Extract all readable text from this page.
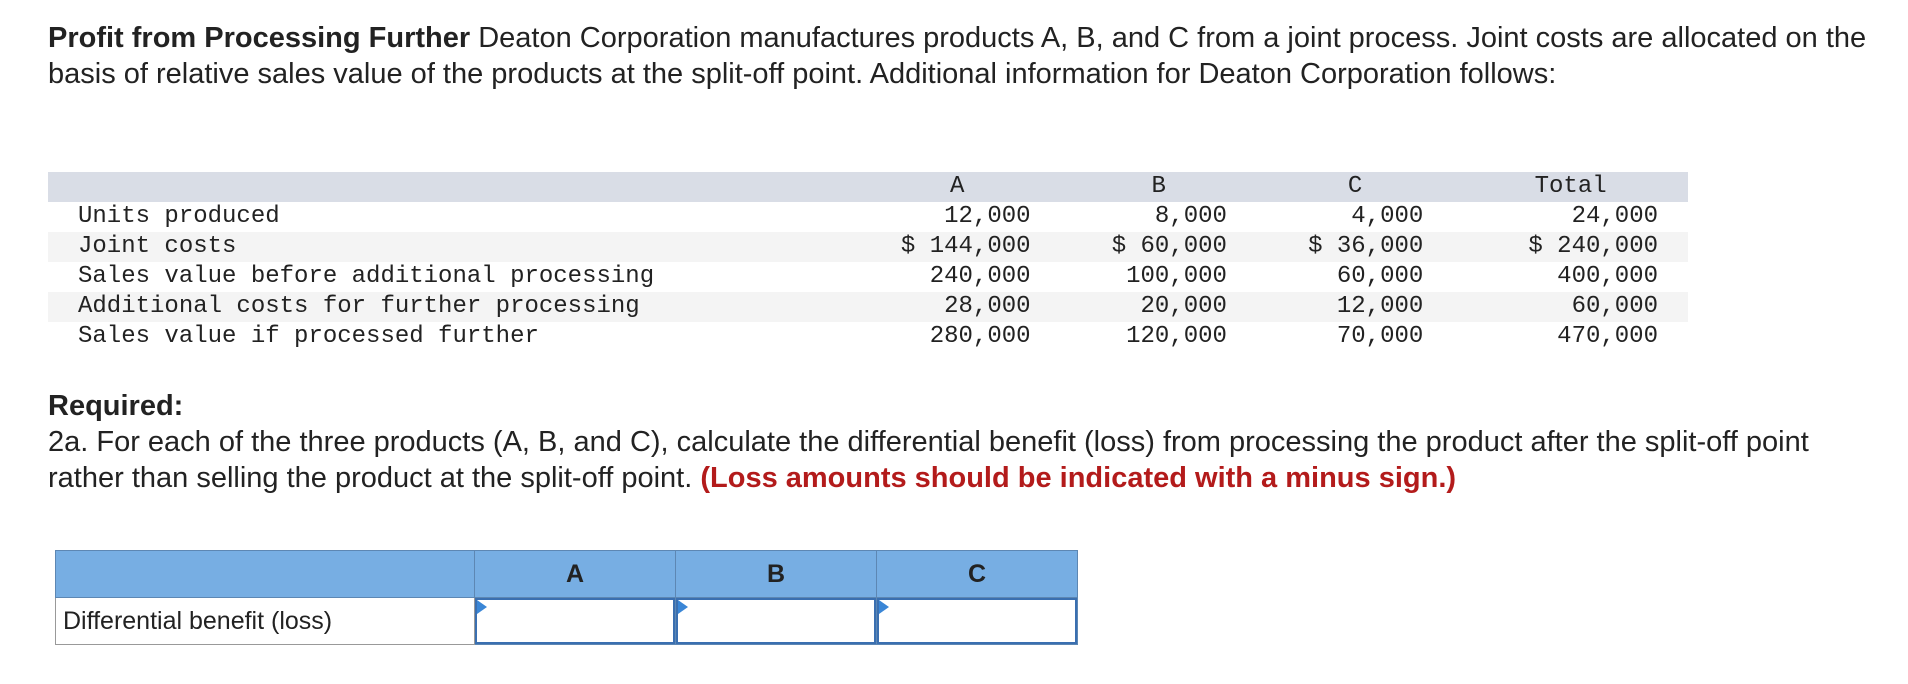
Profit from Processing Further Deaton Corporation manufactures products A, B, and C from a joint process. Joint costs are allocated on the basis of relative sales value of the products at the split-off point. Additional information for Deaton Corporation follows:

	A	B	C	Total
Units produced	12,000	8,000	4,000	24,000
Joint costs	$ 144,000	$ 60,000	$ 36,000	$ 240,000
Sales value before additional processing	240,000	100,000	60,000	400,000
Additional costs for further processing	28,000	20,000	12,000	60,000
Sales value if processed further	280,000	120,000	70,000	470,000

Required:
2a. For each of the three products (A, B, and C), calculate the differential benefit (loss) from processing the product after the split-off point rather than selling the product at the split-off point. (Loss amounts should be indicated with a minus sign.)

	A	B	C
Differential benefit (loss)	
